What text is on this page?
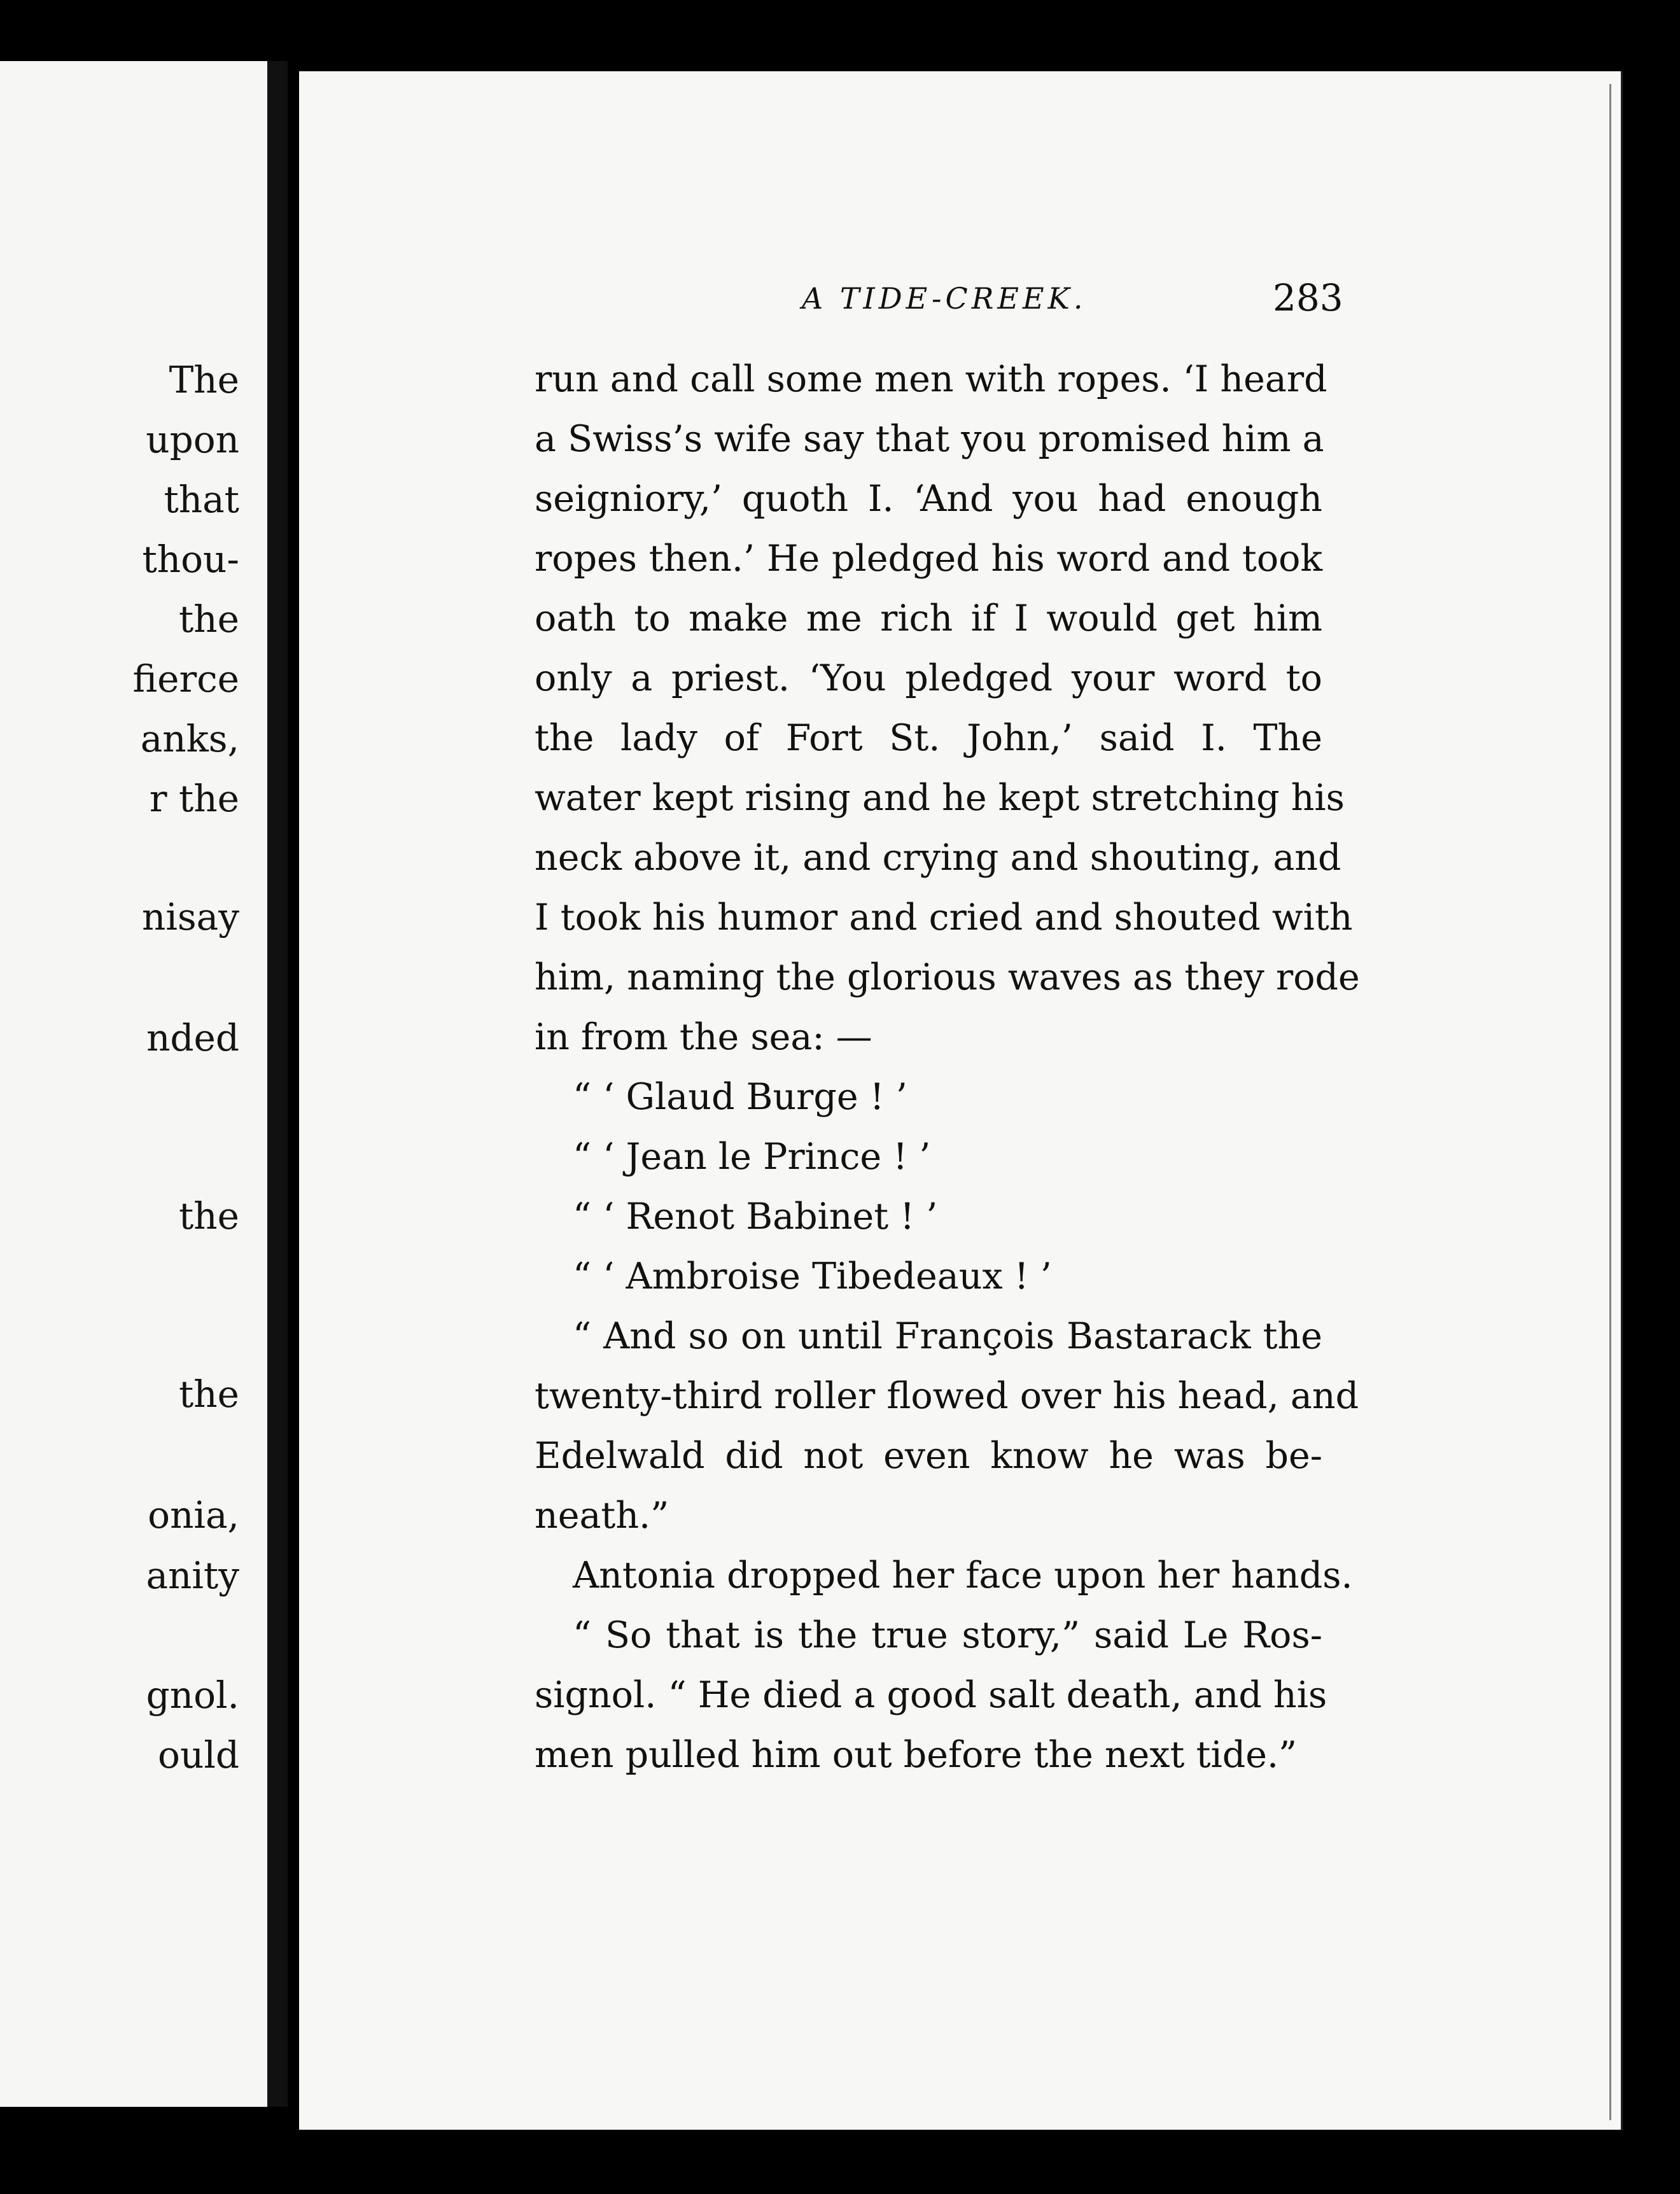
The
upon
that
thou-
the
fierce
anks,
r the
nisay
nded
the
the
onia,
anity
gnol.
ould
A TIDE-CREEK.	283
run and call some men with ropes. ‘I heard
a Swiss’s wife say that you promised him a
seigniory,’ quoth I. ‘And you had enough
ropes then.’ He pledged his word and took
oath to make me rich if I would get him
only a priest. ‘You pledged your word to
the lady of Fort St. John,’ said I. The
water kept rising and he kept stretching his
neck above it, and crying and shouting, and
I took his humor and cried and shouted with
him, naming the glorious waves as they rode
in from the sea: —
“ ‘ Glaud Burge ! ’
“ ‘ Jean le Prince ! ’
“ ‘ Renot Babinet ! ’
“ ‘ Ambroise Tibedeaux ! ’
“ And so on until François Bastarack the
twenty-third roller flowed over his head, and
Edelwald did not even know he was be-
neath.”
Antonia dropped her face upon her hands.
“ So that is the true story,” said Le Ros-
signol. “ He died a good salt death, and his
men pulled him out before the next tide.”
